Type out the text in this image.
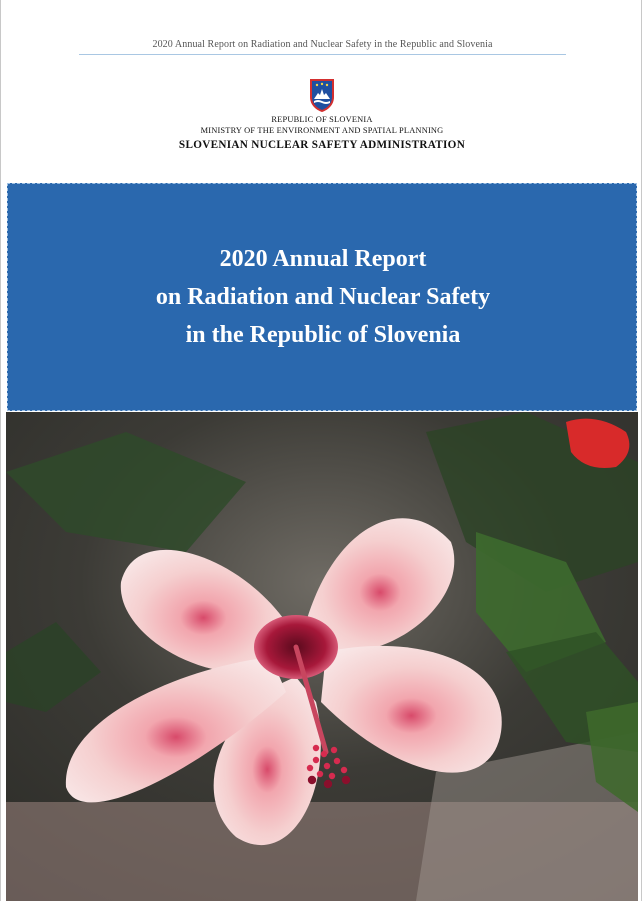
2020 Annual Report on Radiation and Nuclear Safety in the Republic and Slovenia
REPUBLIC OF SLOVENIA
MINISTRY OF THE ENVIRONMENT AND SPATIAL PLANNING
SLOVENIAN NUCLEAR SAFETY ADMINISTRATION
2020 Annual Report
on Radiation and Nuclear Safety
in the Republic of Slovenia
